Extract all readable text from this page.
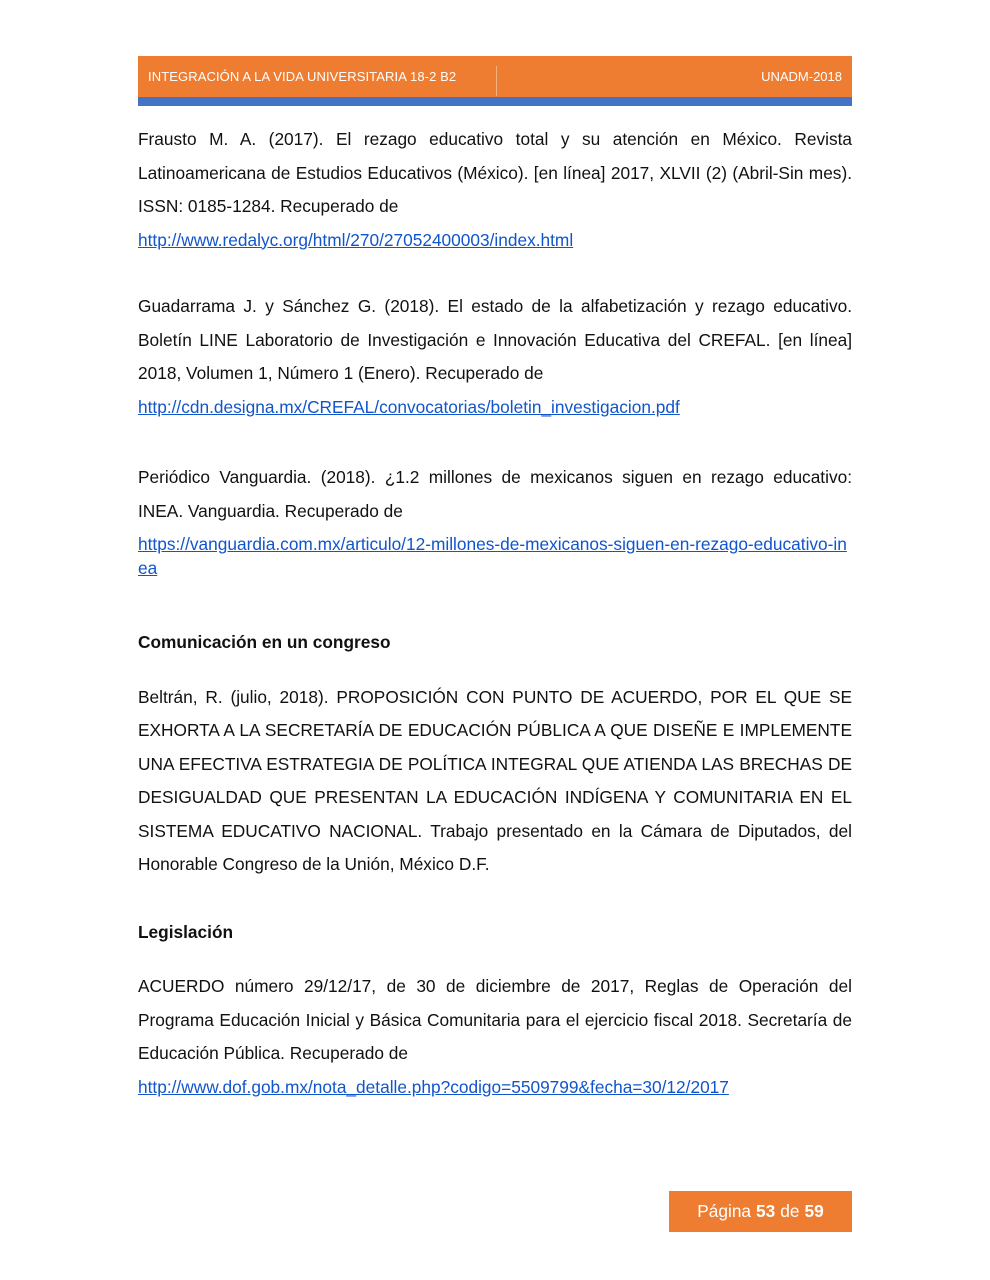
INTEGRACIÓN A LA VIDA UNIVERSITARIA 18-2 B2	UNADM-2018

Frausto M. A. (2017). El rezago educativo total y su atención en México. Revista Latinoamericana de Estudios Educativos (México). [en línea] 2017, XLVII (2) (Abril-Sin mes). ISSN: 0185-1284. Recuperado de

http://www.redalyc.org/html/270/27052400003/index.html

Guadarrama J. y Sánchez G. (2018). El estado de la alfabetización y rezago educativo. Boletín LINE Laboratorio de Investigación e Innovación Educativa del CREFAL. [en línea] 2018, Volumen 1, Número 1 (Enero). Recuperado de

http://cdn.designa.mx/CREFAL/convocatorias/boletin_investigacion.pdf

Periódico Vanguardia. (2018). ¿1.2 millones de mexicanos siguen en rezago educativo: INEA. Vanguardia. Recuperado de

https://vanguardia.com.mx/articulo/12-millones-de-mexicanos-siguen-en-rezago-educativo-inea
Comunicación en un congreso

Beltrán, R. (julio, 2018). PROPOSICIÓN CON PUNTO DE ACUERDO, POR EL QUE SE EXHORTA A LA SECRETARÍA DE EDUCACIÓN PÚBLICA A QUE DISEÑE E IMPLEMENTE UNA EFECTIVA ESTRATEGIA DE POLÍTICA INTEGRAL QUE ATIENDA LAS BRECHAS DE DESIGUALDAD QUE PRESENTAN LA EDUCACIÓN INDÍGENA Y COMUNITARIA EN EL SISTEMA EDUCATIVO NACIONAL. Trabajo presentado en la Cámara de Diputados, del Honorable Congreso de la Unión, México D.F.

Legislación

ACUERDO número 29/12/17, de 30 de diciembre de 2017, Reglas de Operación del Programa Educación Inicial y Básica Comunitaria para el ejercicio fiscal 2018. Secretaría de Educación Pública. Recuperado de

http://www.dof.gob.mx/nota_detalle.php?codigo=5509799&fecha=30/12/2017
Página 53 de 59
